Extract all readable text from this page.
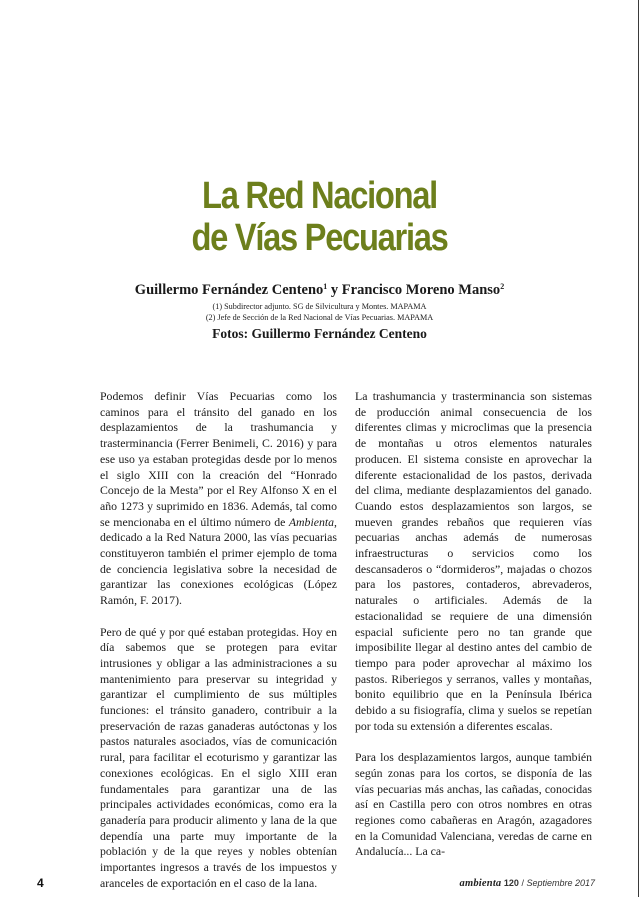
La Red Nacional
de Vías Pecuarias
Guillermo Fernández Centeno$^1$ y Francisco Moreno Manso$^2$
(1) Subdirector adjunto. SG de Silvicultura y Montes. MAPAMA
(2) Jefe de Sección de la Red Nacional de Vías Pecuarias. MAPAMA
Fotos: Guillermo Fernández Centeno

Podemos definir Vías Pecuarias como los caminos para el tránsito del ganado en los desplazamientos de la trashumancia y trasterminancia (Ferrer Benimeli, C. 2016) y para ese uso ya estaban protegidas desde por lo menos el siglo XIII con la creación del “Honrado Concejo de la Mesta” por el Rey Alfonso X en el año 1273 y suprimido en 1836. Además, tal como se mencionaba en el último número de Ambienta, dedicado a la Red Natura 2000, las vías pecuarias constituyeron también el primer ejemplo de toma de conciencia legislativa sobre la necesidad de garantizar las conexiones ecológicas (López Ramón, F. 2017).

Pero de qué y por qué estaban protegidas. Hoy en día sabemos que se protegen para evitar intrusiones y obligar a las administraciones a su mantenimiento para preservar su integridad y garantizar el cumplimiento de sus múltiples funciones: el tránsito ganadero, contribuir a la preservación de razas ganaderas autóctonas y los pastos naturales asociados, vías de comunicación rural, para facilitar el ecoturismo y garantizar las conexiones ecológicas. En el siglo XIII eran fundamentales para garantizar una de las principales actividades económicas, como era la ganadería para producir alimento y lana de la que dependía una parte muy importante de la población y de la que reyes y nobles obtenían importantes ingresos a través de los impuestos y aranceles de exportación en el caso de la lana.

La trashumancia y trasterminancia son sistemas de producción animal consecuencia de los diferentes climas y microclimas que la presencia de montañas u otros elementos naturales producen. El sistema consiste en aprovechar la diferente estacionalidad de los pastos, derivada del clima, mediante desplazamientos del ganado. Cuando estos desplazamientos son largos, se mueven grandes rebaños que requieren vías pecuarias anchas además de numerosas infraestructuras o servicios como los descansaderos o “dormideros”, majadas o chozos para los pastores, contaderos, abrevaderos, naturales o artificiales. Además de la estacionalidad se requiere de una dimensión espacial suficiente pero no tan grande que imposibilite llegar al destino antes del cambio de tiempo para poder aprovechar al máximo los pastos. Riberiegos y serranos, valles y montañas, bonito equilibrio que en la Península Ibérica debido a su fisiografía, clima y suelos se repetían por toda su extensión a diferentes escalas.

Para los desplazamientos largos, aunque también según zonas para los cortos, se disponía de las vías pecuarias más anchas, las cañadas, conocidas así en Castilla pero con otros nombres en otras regiones como cabañeras en Aragón, azagadores en la Comunidad Valenciana, veredas de carne en Andalucía... La ca-

4	ambienta 120 / Septiembre 2017
